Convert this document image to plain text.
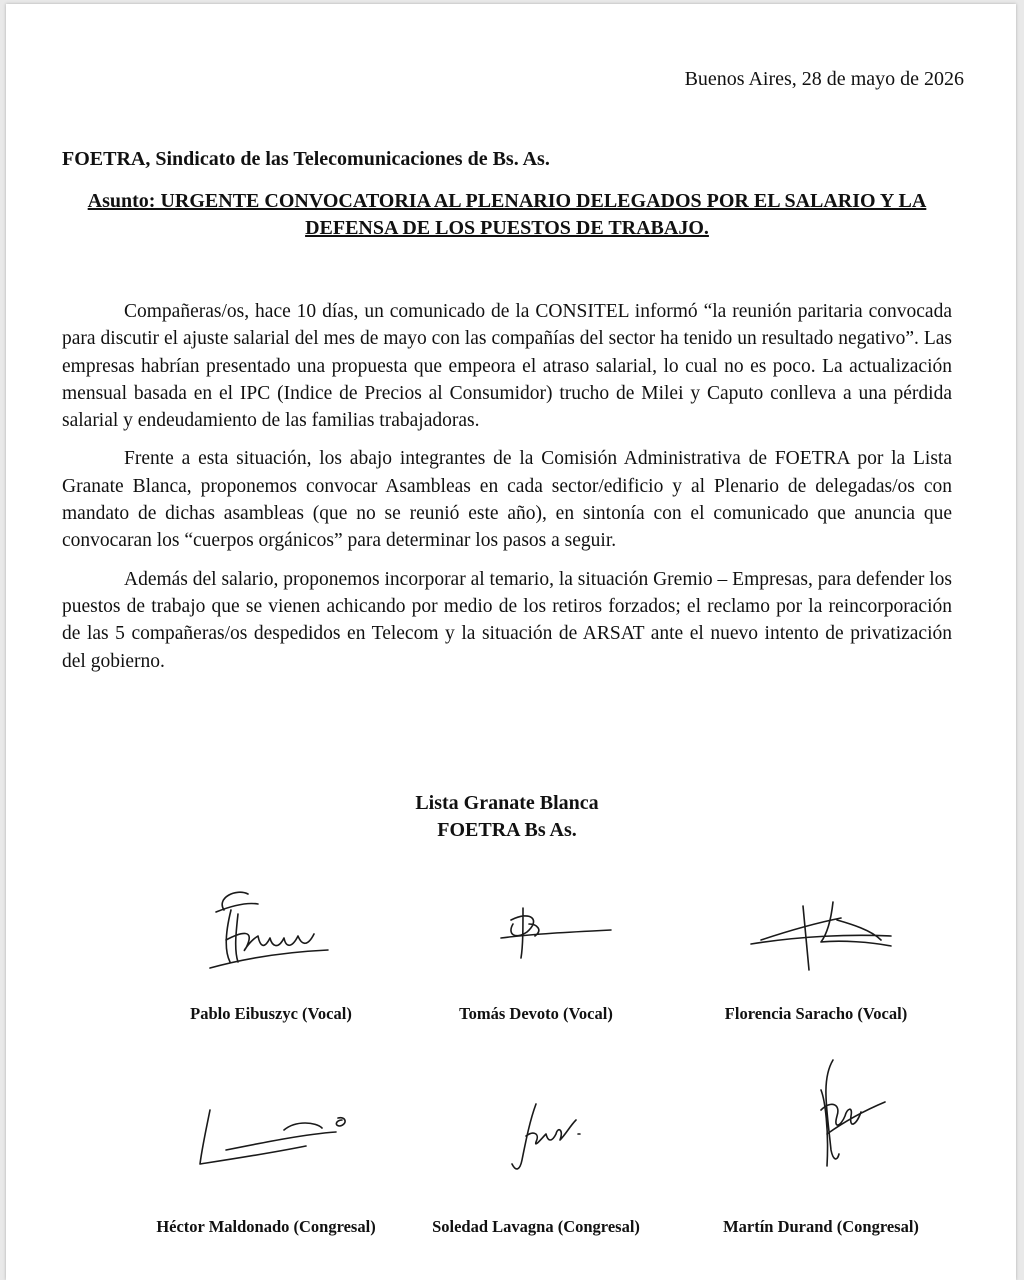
Buenos Aires, 28 de mayo de 2026
FOETRA, Sindicato de las Telecomunicaciones de Bs. As.
Asunto: URGENTE CONVOCATORIA AL PLENARIO DELEGADOS POR EL SALARIO Y LA DEFENSA DE LOS PUESTOS DE TRABAJO.

Compañeras/os, hace 10 días, un comunicado de la CONSITEL informó “la reunión paritaria convocada para discutir el ajuste salarial del mes de mayo con las compañías del sector ha tenido un resultado negativo”. Las empresas habrían presentado una propuesta que empeora el atraso salarial, lo cual no es poco. La actualización mensual basada en el IPC (Indice de Precios al Consumidor) trucho de Milei y Caputo conlleva a una pérdida salarial y endeudamiento de las familias trabajadoras.

Frente a esta situación, los abajo integrantes de la Comisión Administrativa de FOETRA por la Lista Granate Blanca, proponemos convocar Asambleas en cada sector/edificio y al Plenario de delegadas/os con mandato de dichas asambleas (que no se reunió este año), en sintonía con el comunicado que anuncia que convocaran los “cuerpos orgánicos” para determinar los pasos a seguir.

Además del salario, proponemos incorporar al temario, la situación Gremio – Empresas, para defender los puestos de trabajo que se vienen achicando por medio de los retiros forzados; el reclamo por la reincorporación de las 5 compañeras/os despedidos en Telecom y la situación de ARSAT ante el nuevo intento de privatización del gobierno.

Lista Granate Blanca
FOETRA Bs As.
Pablo Eibuszyc (Vocal)	Tomás Devoto (Vocal)	Florencia Saracho (Vocal)
Héctor Maldonado (Congresal)	Soledad Lavagna (Congresal)	Martín Durand (Congresal)
